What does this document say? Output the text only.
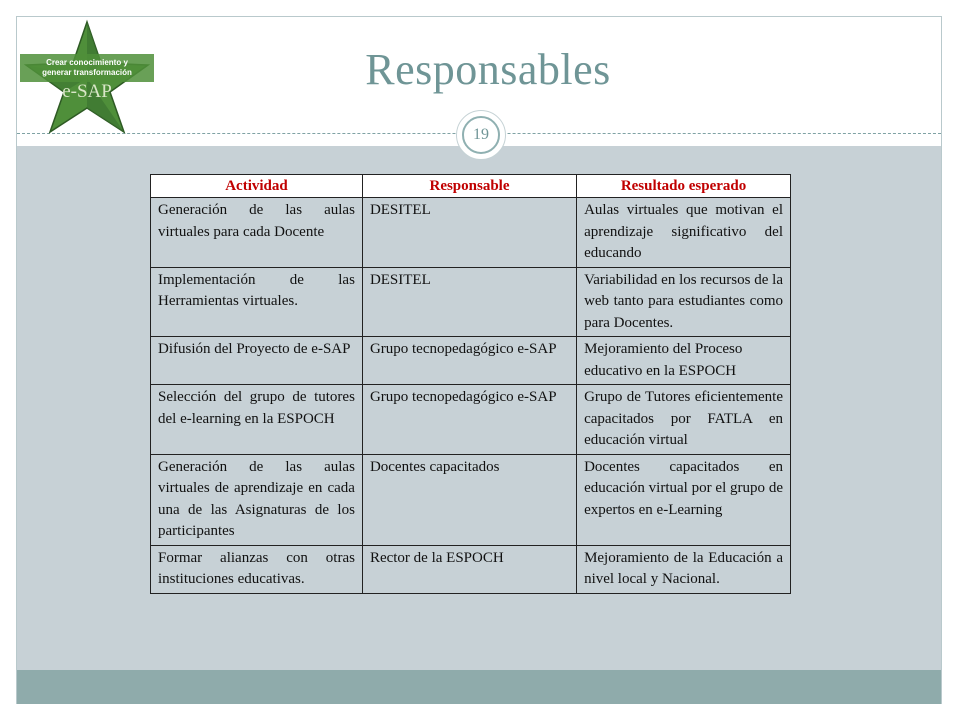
Responsables
19
Crear conocimiento y
generar transformación
e-SAP
Actividad	Responsable	Resultado esperado
Generación de las aulas virtuales para cada Docente	DESITEL	Aulas virtuales que motivan el aprendizaje significativo del educando
Implementación de las Herramientas virtuales.	DESITEL	Variabilidad en los recursos de la web tanto para estudiantes como para Docentes.
Difusión del Proyecto de e-SAP	Grupo tecnopedagógico e-SAP	Mejoramiento del Proceso educativo en la ESPOCH
Selección del grupo de tutores del e-learning en la ESPOCH	Grupo tecnopedagógico e-SAP	Grupo de Tutores eficientemente capacitados por FATLA en educación virtual
Generación de las aulas virtuales de aprendizaje en cada una de las Asignaturas de los participantes	Docentes capacitados	Docentes capacitados en educación virtual por el grupo de expertos en e-Learning
Formar alianzas con otras instituciones educativas.	Rector de la ESPOCH	Mejoramiento de la Educación a nivel local y Nacional.
